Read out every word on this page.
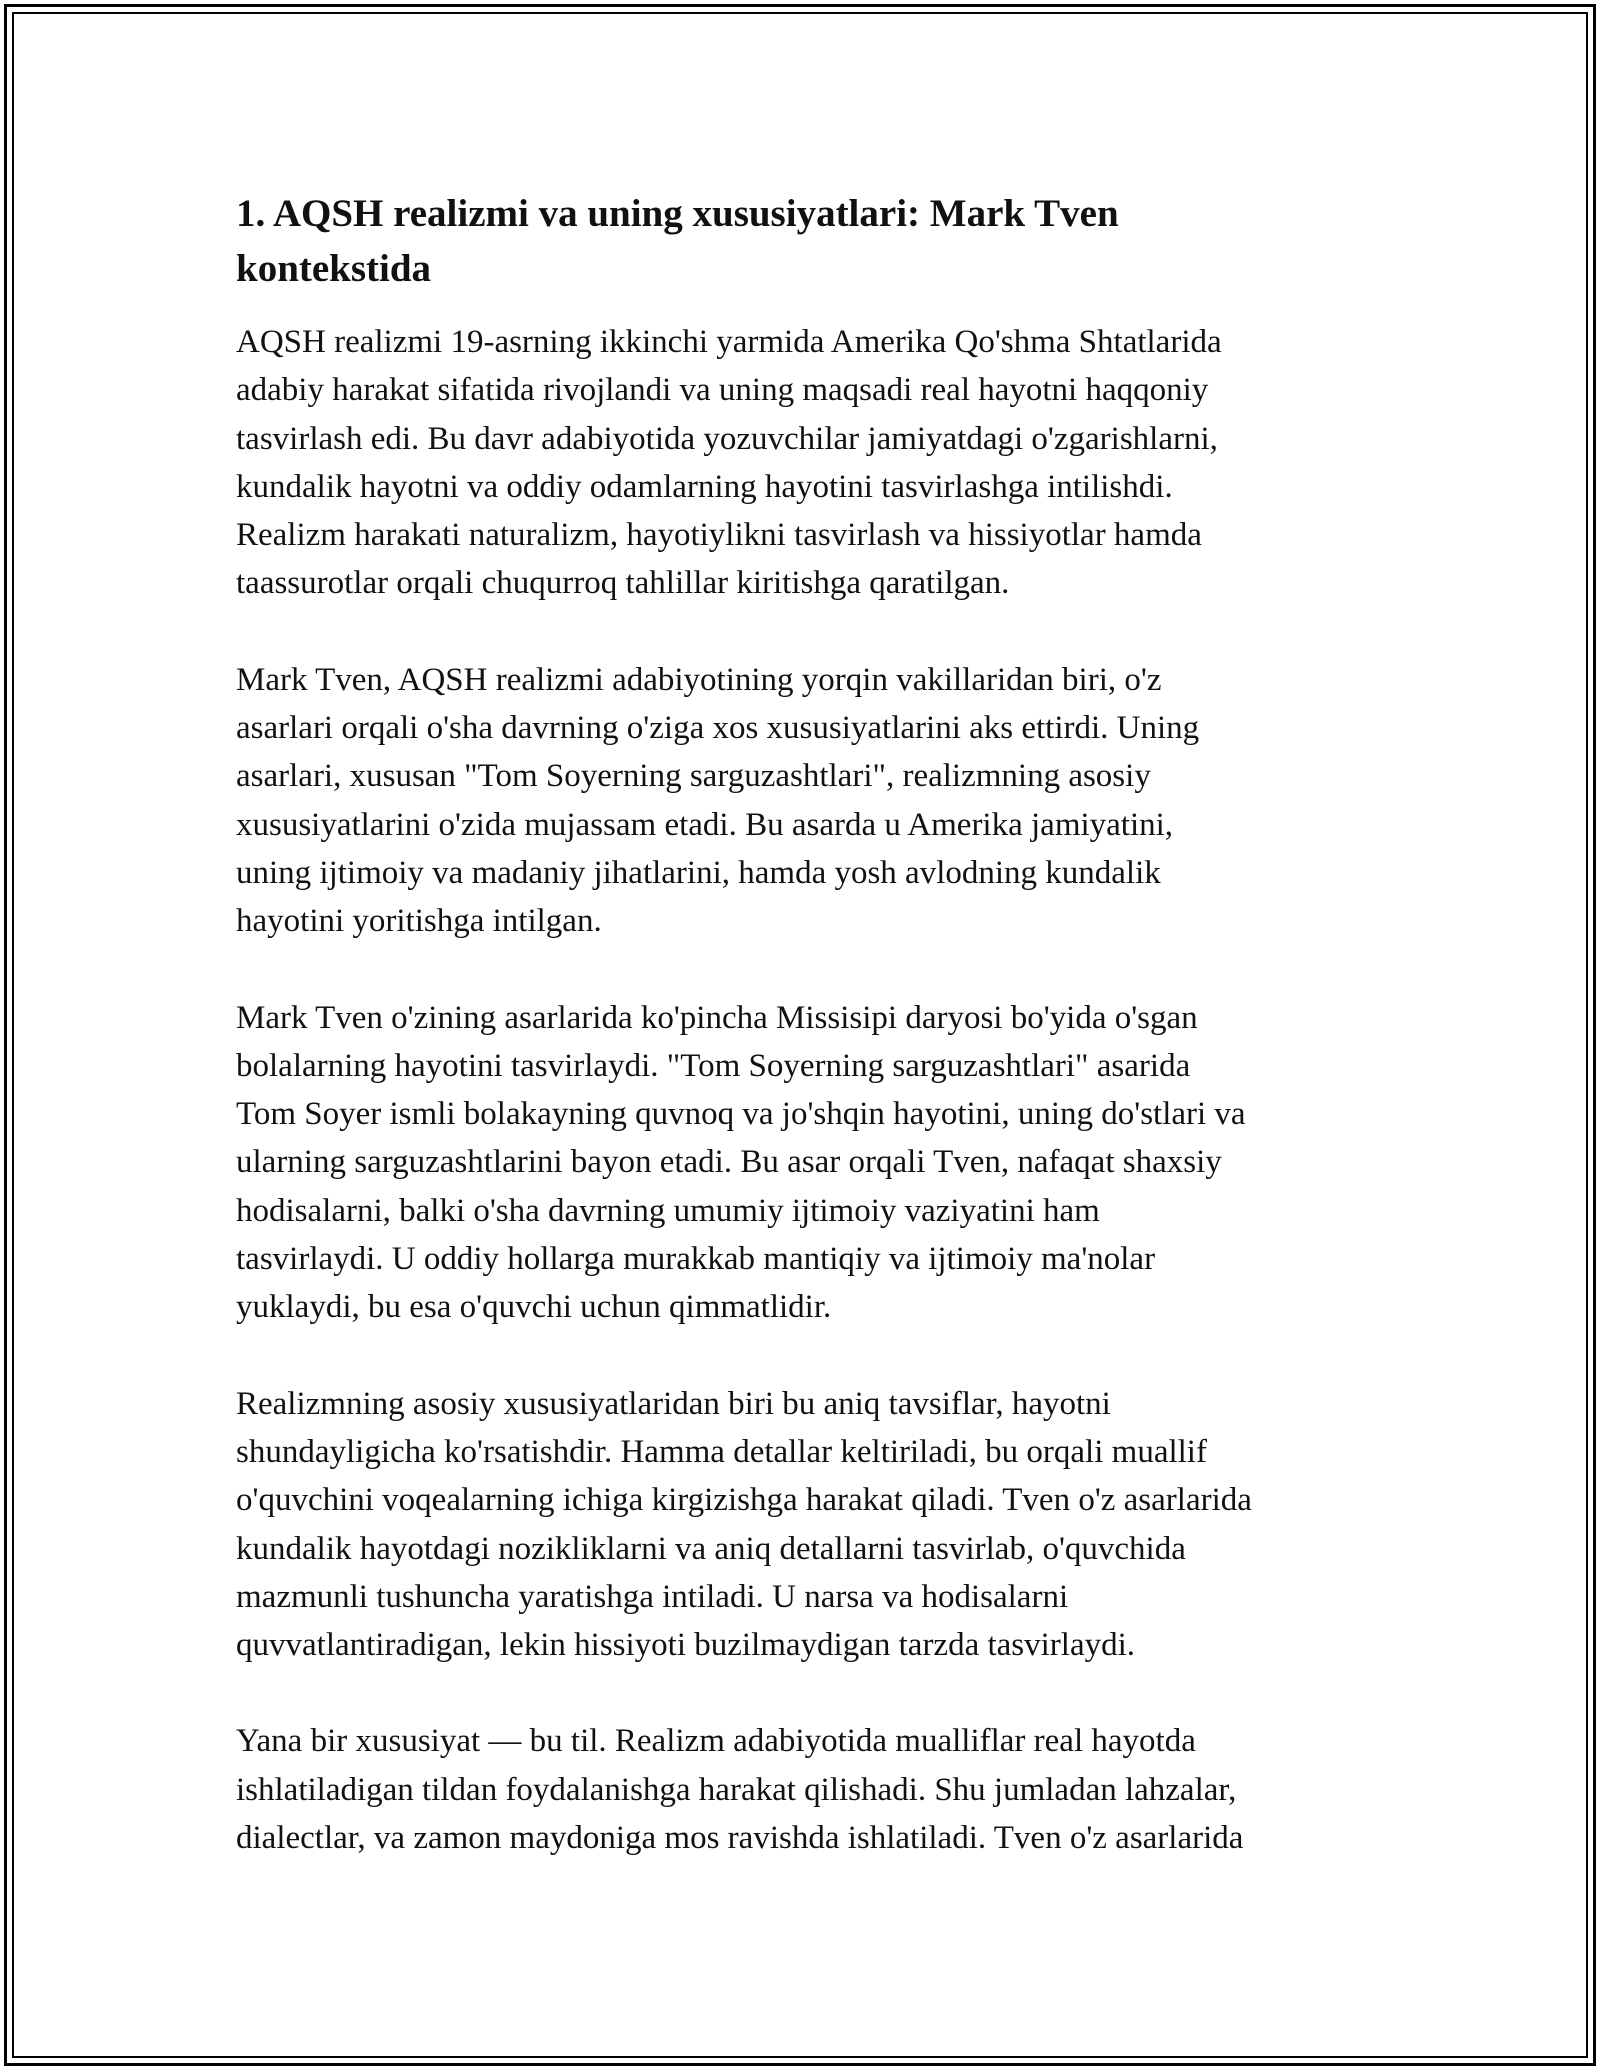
1. AQSH realizmi va uning xususiyatlari: Mark Tven
kontekstida
AQSH realizmi 19-asrning ikkinchi yarmida Amerika Qo'shma Shtatlarida
adabiy harakat sifatida rivojlandi va uning maqsadi real hayotni haqqoniy
tasvirlash edi. Bu davr adabiyotida yozuvchilar jamiyatdagi o'zgarishlarni,
kundalik hayotni va oddiy odamlarning hayotini tasvirlashga intilishdi.
Realizm harakati naturalizm, hayotiylikni tasvirlash va hissiyotlar hamda
taassurotlar orqali chuqurroq tahlillar kiritishga qaratilgan.
Mark Tven, AQSH realizmi adabiyotining yorqin vakillaridan biri, o'z
asarlari orqali o'sha davrning o'ziga xos xususiyatlarini aks ettirdi. Uning
asarlari, xususan "Tom Soyerning sarguzashtlari", realizmning asosiy
xususiyatlarini o'zida mujassam etadi. Bu asarda u Amerika jamiyatini,
uning ijtimoiy va madaniy jihatlarini, hamda yosh avlodning kundalik
hayotini yoritishga intilgan.
Mark Tven o'zining asarlarida ko'pincha Missisipi daryosi bo'yida o'sgan
bolalarning hayotini tasvirlaydi. "Tom Soyerning sarguzashtlari" asarida
Tom Soyer ismli bolakayning quvnoq va jo'shqin hayotini, uning do'stlari va
ularning sarguzashtlarini bayon etadi. Bu asar orqali Tven, nafaqat shaxsiy
hodisalarni, balki o'sha davrning umumiy ijtimoiy vaziyatini ham
tasvirlaydi. U oddiy hollarga murakkab mantiqiy va ijtimoiy ma'nolar
yuklaydi, bu esa o'quvchi uchun qimmatlidir.
Realizmning asosiy xususiyatlaridan biri bu aniq tavsiflar, hayotni
shundayligicha ko'rsatishdir. Hamma detallar keltiriladi, bu orqali muallif
o'quvchini voqealarning ichiga kirgizishga harakat qiladi. Tven o'z asarlarida
kundalik hayotdagi nozikliklarni va aniq detallarni tasvirlab, o'quvchida
mazmunli tushuncha yaratishga intiladi. U narsa va hodisalarni
quvvatlantiradigan, lekin hissiyoti buzilmaydigan tarzda tasvirlaydi.
Yana bir xususiyat — bu til. Realizm adabiyotida mualliflar real hayotda
ishlatiladigan tildan foydalanishga harakat qilishadi. Shu jumladan lahzalar,
dialectlar, va zamon maydoniga mos ravishda ishlatiladi. Tven o'z asarlarida
